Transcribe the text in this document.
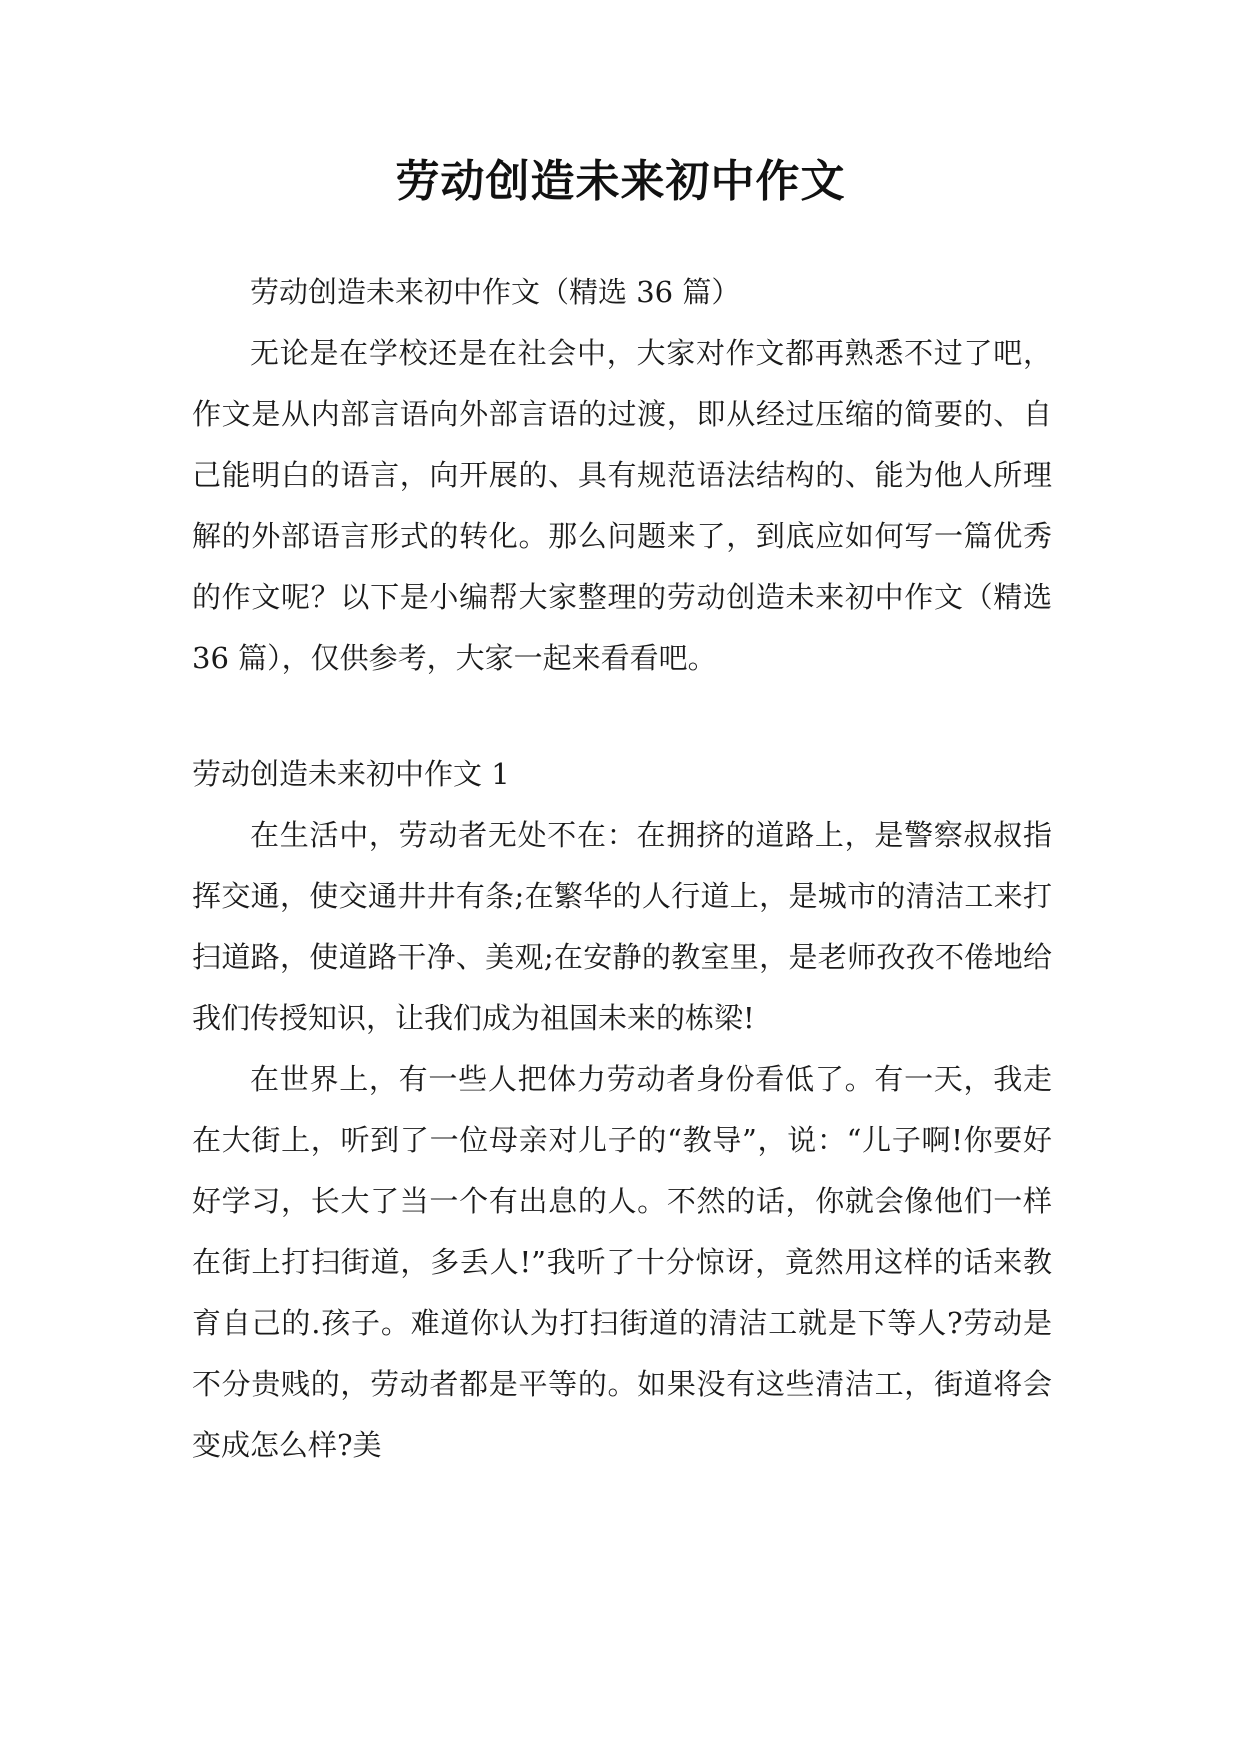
劳动创造未来初中作文

劳动创造未来初中作文（精选 36 篇）

无论是在学校还是在社会中，大家对作文都再熟悉不过了吧，作文是从内部言语向外部言语的过渡，即从经过压缩的简要的、自己能明白的语言，向开展的、具有规范语法结构的、能为他人所理解的外部语言形式的转化。那么问题来了，到底应如何写一篇优秀的作文呢？以下是小编帮大家整理的劳动创造未来初中作文（精选 36 篇），仅供参考，大家一起来看看吧。

劳动创造未来初中作文 1

在生活中，劳动者无处不在：在拥挤的道路上，是警察叔叔指挥交通，使交通井井有条;在繁华的人行道上，是城市的清洁工来打扫道路，使道路干净、美观;在安静的教室里，是老师孜孜不倦地给我们传授知识，让我们成为祖国未来的栋梁!

在世界上，有一些人把体力劳动者身份看低了。有一天，我走在大街上，听到了一位母亲对儿子的“教导”，说：“儿子啊!你要好好学习，长大了当一个有出息的人。不然的话，你就会像他们一样在街上打扫街道，多丢人!”我听了十分惊讶，竟然用这样的话来教育自己的.孩子。难道你认为打扫街道的清洁工就是下等人?劳动是不分贵贱的，劳动者都是平等的。如果没有这些清洁工，街道将会变成怎么样?美
